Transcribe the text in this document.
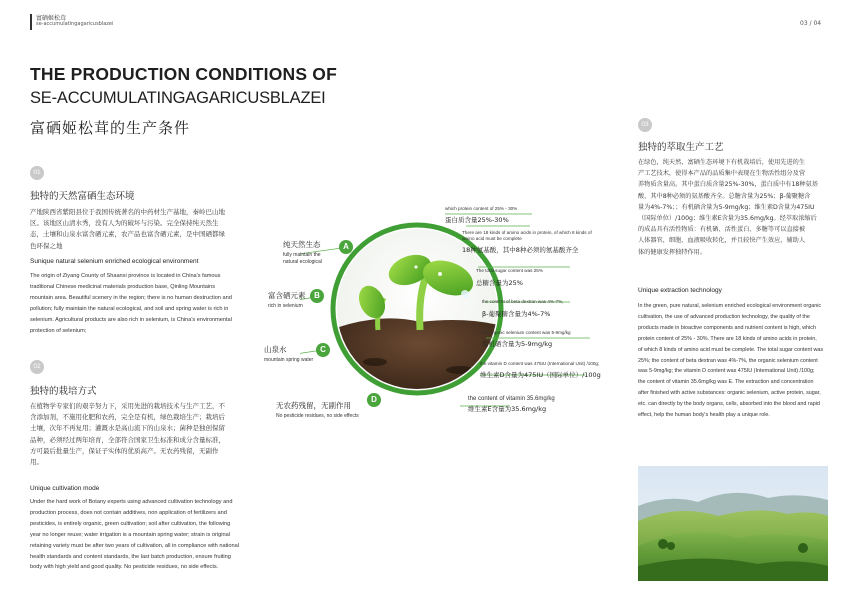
富硒姬松茸
se-accumulatingagaricusblazei	03 / 04
THE PRODUCTION CONDITIONS OF
SE-ACCUMULATINGAGARICUSBLAZEI
富硒姬松茸的生产条件
01
独特的天然富硒生态环境
产地陕西省紫阳县位于我国传统著名的中药材生产基地，秦岭巴山地
区。该地区山清水秀，没有人为的破坏与污染。完全保持纯天然生
态，土壤和山泉水富含硒元素，农产品也富含硒元素，是中国硒都绿
色环保之地
Sunique natural selenium enriched ecological environment
The origin of Ziyang County of Shaanxi province is located in China's famous
traditional Chinese medicinal materials production base, Qinling Mountains
mountain area. Beautiful scenery in the region; there is no human destruction and
pollution; fully maintain the natural ecological, and soil and spring water is rich in
selenium. Agricultural products are also rich in selenium, is China's environmental
protection of selenium;
02
独特的栽培方式
在植物学专家们的艰辛努力下，采用先进的栽培技术与生产工艺，不
含添加剂，不施用化肥和农药，完全是有机，绿色栽培生产；栽培后
土壤，次年不再复用；灌溉水是高山流下的山泉水；菌种是独创保留
品种，必须经过两年培育，全部符合国家卫生标准和成分含量标准，
方可最后批量生产，保证子实体的优质高产。无农药残留，无副作
用。
Unique cultivation mode
Under the hard work of Botany experts using advanced cultivation technology and
production process, does not contain additives, non application of fertilizers and
pesticides, is entirely organic, green cultivation; soil after cultivation, the following
year no longer reuse; water irrigation is a mountain spring water; strain is original
retaining variety must be after two years of cultivation, all in compliance with national
health standards and content standards, the last batch production, ensure fruiting
body with high yield and good quality. No pesticide residues, no side effects.
03
独特的萃取生产工艺
在绿色，纯天然，富硒生态环境下有机栽培后，使用先进的生
产工艺技术，使得本产品的品质集中表现在生物活性组分及营
养物质含量高。其中蛋白质含量25%-30%，蛋白质中有18种氨基
酸，其中8种必须的氨基酸齐全。总糖含量为25%；β-葡聚糖含
量为4%-7%；；有机硒含量为5-9mg/kg；维生素D含量为475IU
（国际单位）/100g；维生素E含量为35.6mg/kg。经萃取浓缩后
的成品具有活性物质：有机硒、活性蛋白、多糖等可以直接被
人体器官，细胞、血液吸收转化，并且较快产生效应，辅助人
体的健康发挥独特作用。
Unique extraction technology
In the green, pure natural, selenium enriched ecological environment organic
cultivation, the use of advanced production technology, the quality of the
products made in bioactive components and nutrient content is high, which
protein content of 25% - 30%. There are 18 kinds of amino acids in protein,
of which 8 kinds of amino acid must be complete. The total sugar content was
25%; the content of beta dextran was 4%-7%, the organic selenium content
was 5-9mg/kg; the vitamin D content was 475IU (International Unit) /100g;
the content of vitamin 35.6mg/kg was E. The extraction and concentration
after finished with active substances: organic selenium, active protein, sugar,
etc. can directly by the body organs, cells, absorbed into the blood and rapid
effect, help the human body's health play a unique role.
A
B
C
D
纯天然生态
fully maintain the
natural ecological
富含硒元素
rich in selenium
山泉水
mountain spring water
无农药残留，无副作用
No pesticide residues, no side effects
which protein content of 25% - 30%
蛋白质含量25%-30%
There are 18 kinds of amino acids in protein, of which 8 kinds of amino acid must be complete
18种氨基酸，其中8种必须的氨基酸齐全
The total sugar content was 25%
总糖含量为25%
the content of beta dextran was 4%-7%,
β-葡聚糖含量为4%-7%
the organic selenium content was 5-9mg/kg
有机硒含量为5-9mg/kg
the vitamin D content was 475IU (International Unit) /100g;
维生素D含量为475IU（国际单位）/100g
the content of vitamin 35.6mg/kg
维生素E含量为35.6mg/kg
